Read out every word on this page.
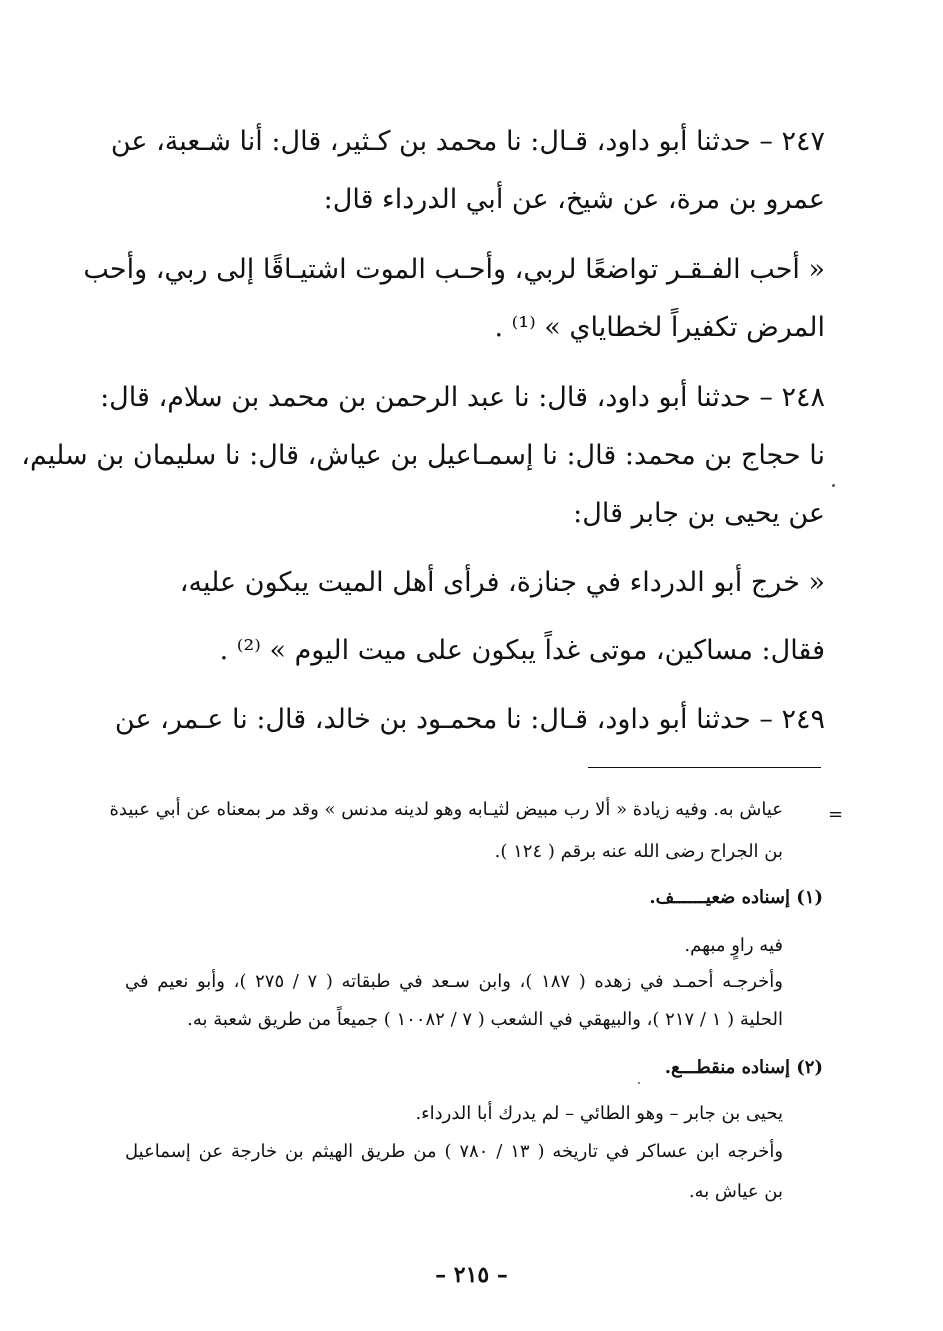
٢٤٧ – حدثنا أبو داود، قـال: نا محمد بن كـثير، قال: أنا شـعبة، عن

عمرو بن مرة، عن شيخ، عن أبي الدرداء قال:

« أحب الفـقـر تواضعًا لربي، وأحـب الموت اشتيـاقًا إلى ربي، وأحب

المرض تكفيراً لخطاياي » ⁽¹⁾ .

٢٤٨ – حدثنا أبو داود، قال: نا عبد الرحمن بن محمد بن سلام، قال:

نا حجاج بن محمد: قال: نا إسمـاعيل بن عياش، قال: نا سليمان بن سليم،

عن يحيى بن جابر قال:

« خرج أبو الدرداء في جنازة، فرأى أهل الميت يبكون عليه،

فقال: مساكين، موتى غداً يبكون على ميت اليوم » ⁽²⁾ .

٢٤٩ – حدثنا أبو داود، قـال: نا محمـود بن خالد، قال: نا عـمر، عن

=

عياش به. وفيه زيادة « ألا رب مبيض لثيـابه وهو لدينه مدنس » وقد مر بمعناه عن أبي عبيدة

بن الجراح رضى الله عنه برقم ( ١٢٤ ).

(١) إسناده ضعيــــــف.

فيه راوٍ مبهم.

وأخرجـه أحمـد في زهده ( ١٨٧ )، وابن سـعد في طبقاته ( ٧ / ٢٧٥ )، وأبو نعيم في

الحلية ( ١ / ٢١٧ )، والبيهقي في الشعب ( ٧ / ١٠٠٨٢ ) جميعاً من طريق شعبة به.

(٢) إسناده منقطـــع.

يحيى بن جابر – وهو الطائي – لم يدرك أبا الدرداء.

وأخرجه ابن عساكر في تاريخه ( ١٣ / ٧٨٠ ) من طريق الهيثم بن خارجة عن إسماعيل

بن عياش به.

– ٢١٥ –
